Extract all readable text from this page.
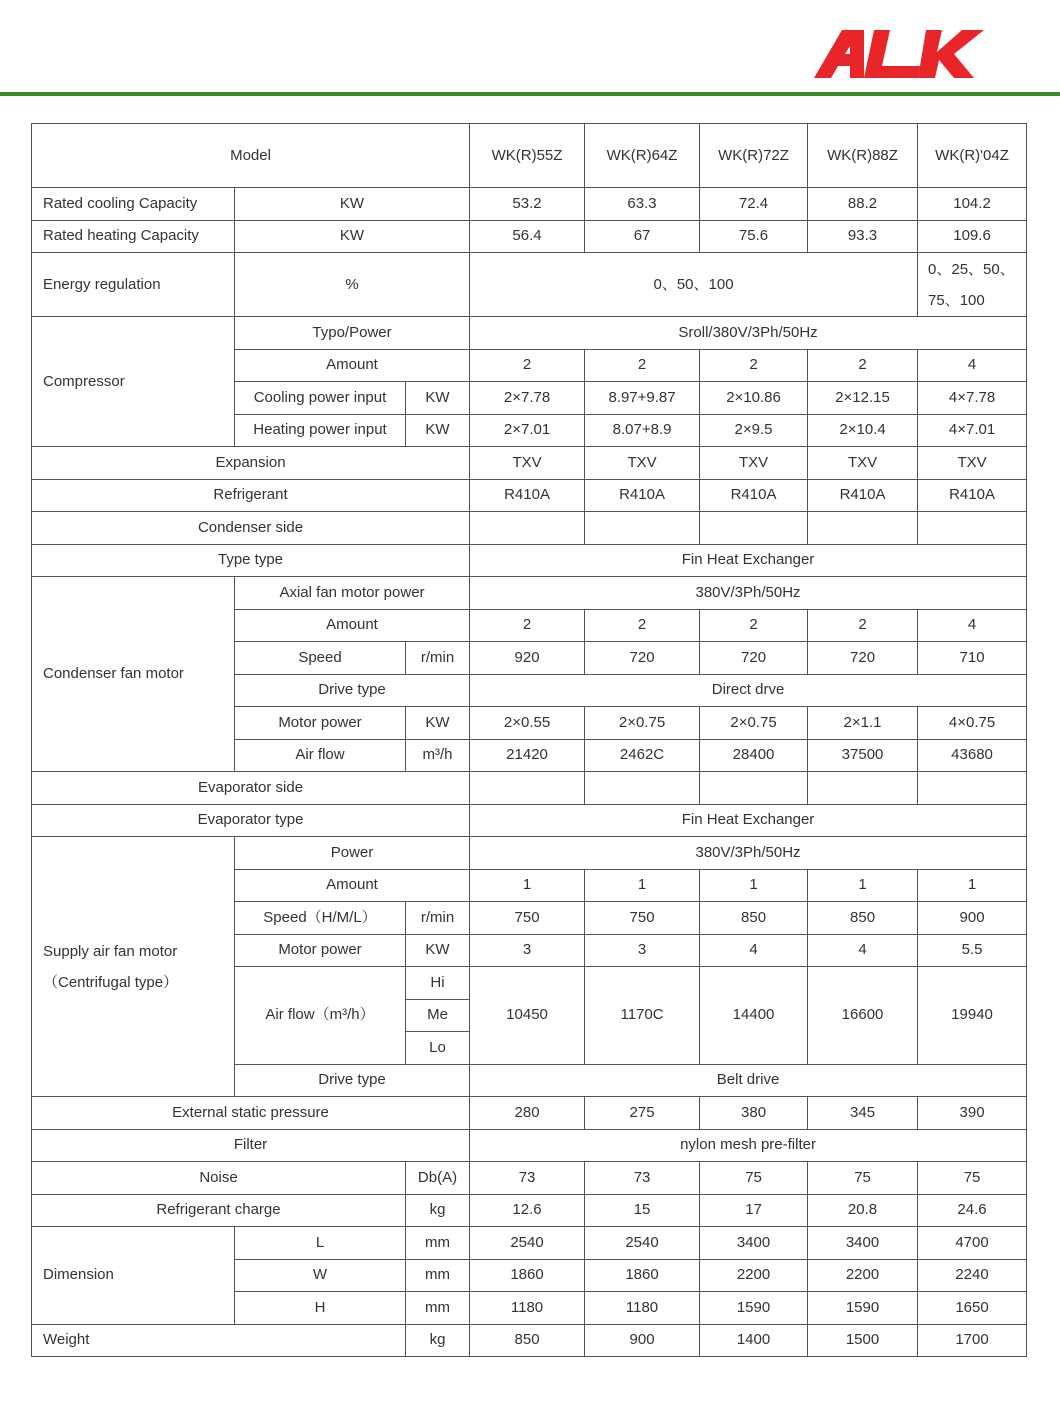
Model			WK(R)55Z	WK(R)64Z	WK(R)72Z	WK(R)88Z	WK(R)'04Z
Rated cooling Capacity	KW		53.2	63.3	72.4	88.2	104.2
Rated heating Capacity	KW		56.4	67	75.6	93.3	109.6
Energy regulation	%		0、50、100				0、25、50、75、100
Compressor	Typo/Power		Sroll/380V/3Ph/50Hz				
	Amount		2	2	2	2	4
	Cooling power input	KW	2×7.78	8.97+9.87	2×10.86	2×12.15	4×7.78
	Heating power input	KW	2×7.01	8.07+8.9	2×9.5	2×10.4	4×7.01
Expansion			TXV	TXV	TXV	TXV	TXV
Refrigerant			R410A	R410A	R410A	R410A	R410A
Condenser side							
Type type			Fin Heat Exchanger				
Condenser fan motor	Axial fan motor power		380V/3Ph/50Hz				
	Amount		2	2	2	2	4
	Speed	r/min	920	720	720	720	710
	Drive type		Direct drve				
	Motor power	KW	2×0.55	2×0.75	2×0.75	2×1.1	4×0.75
	Air flow	m³/h	21420	2462C	28400	37500	43680
Evaporator side							
Evaporator type			Fin Heat Exchanger				
Supply air fan motor
（Centrifugal type）	Power		380V/3Ph/50Hz				
	Amount		1	1	1	1	1
	Speed（H/M/L）	r/min	750	750	850	850	900
	Motor power	KW	3	3	4	4	5.5
	Air flow（m³/h）	Hi	10450	1170C	14400	16600	19940
		Me					
		Lo					
	Drive type		Belt drive				
External static pressure			280	275	380	345	390
Filter			nylon mesh pre-filter				
Noise		Db(A)	73	73	75	75	75
Refrigerant charge		kg	12.6	15	17	20.8	24.6
Dimension	L	mm	2540	2540	3400	3400	4700
	W	mm	1860	1860	2200	2200	2240
	H	mm	1180	1180	1590	1590	1650
Weight		kg	850	900	1400	1500	1700
